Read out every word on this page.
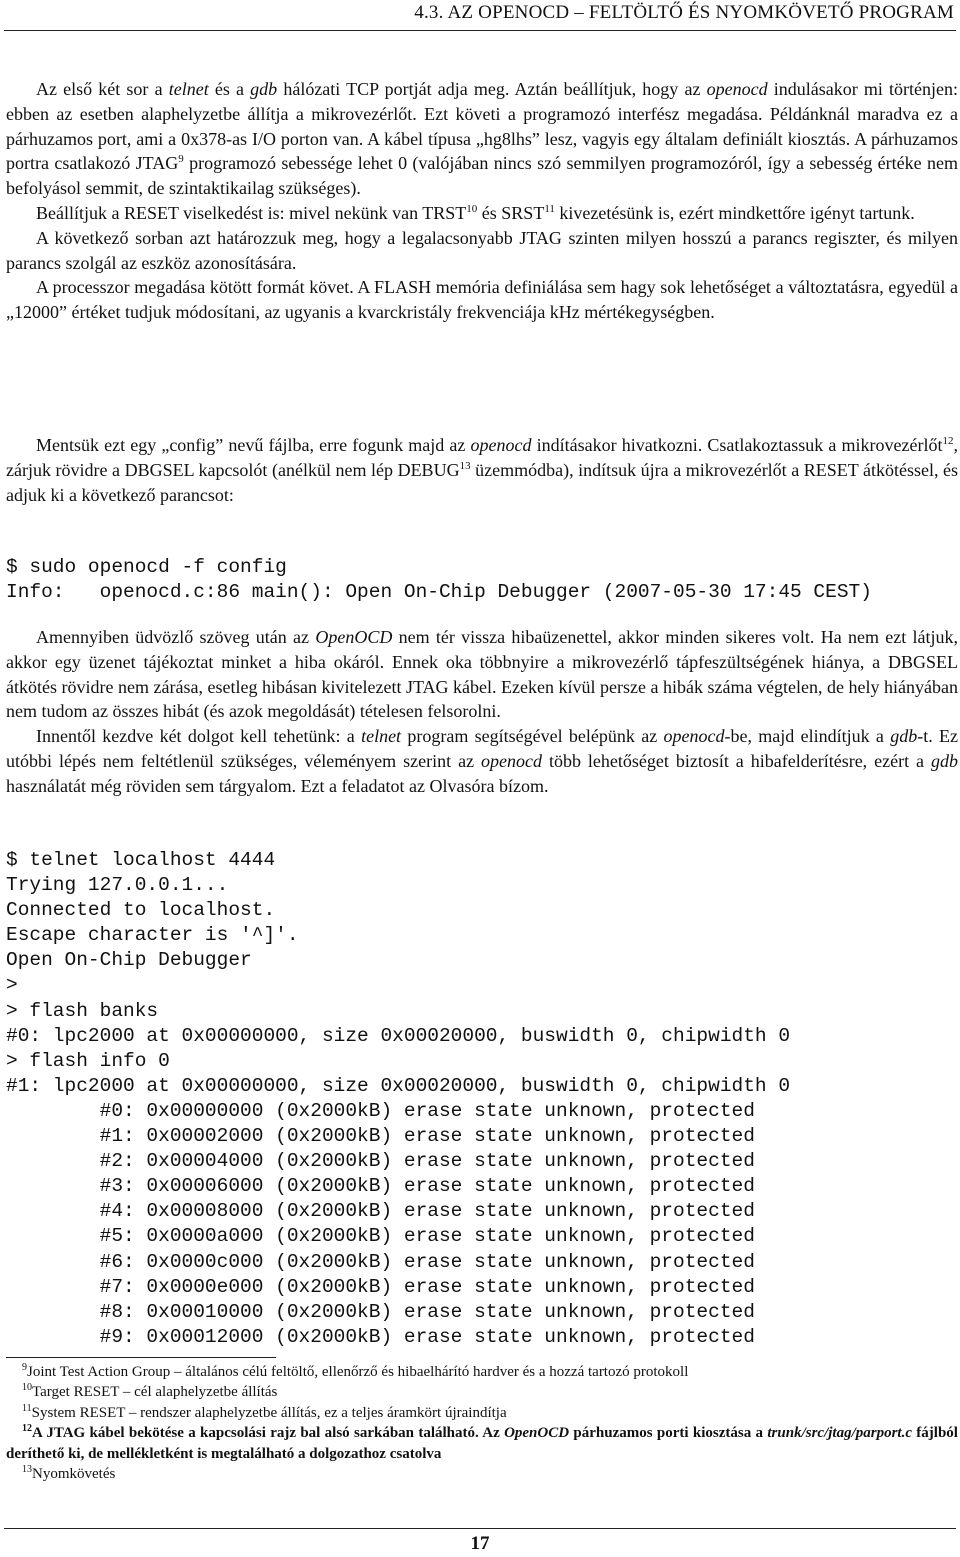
4.3. AZ OPENOCD – FELTÖLTŐ ÉS NYOMKÖVETŐ PROGRAM

Az első két sor a telnet és a gdb hálózati TCP portját adja meg. Aztán beállítjuk, hogy az openocd indulásakor mi történjen: ebben az esetben alaphelyzetbe állítja a mikrovezérlőt. Ezt követi a programozó interfész megadása. Példánknál maradva ez a párhuzamos port, ami a 0x378-as I/O porton van. A kábel típusa „hg8lhs” lesz, vagyis egy általam definiált kiosztás. A párhuzamos portra csatlakozó JTAG$^9$ programozó sebessége lehet 0 (valójában nincs szó semmilyen programozóról, így a sebesség értéke nem befolyásol semmit, de szintaktikailag szükséges).
Beállítjuk a RESET viselkedést is: mivel nekünk van TRST$^{10}$ és SRST$^{11}$ kivezetésünk is, ezért mindkettőre igényt tartunk.
A következő sorban azt határozzuk meg, hogy a legalacsonyabb JTAG szinten milyen hosszú a parancs regiszter, és milyen parancs szolgál az eszköz azonosítására.
A processzor megadása kötött formát követ. A FLASH memória definiálása sem hagy sok lehetőséget a változtatásra, egyedül a „12000” értéket tudjuk módosítani, az ugyanis a kvarckristály frekvenciája kHz mértékegységben.

Mentsük ezt egy „config” nevű fájlba, erre fogunk majd az openocd indításakor hivatkozni. Csatlakoztassuk a mikrovezérlőt$^{12}$, zárjuk rövidre a DBGSEL kapcsolót (anélkül nem lép DEBUG$^{13}$ üzemmódba), indítsuk újra a mikrovezérlőt a RESET átkötéssel, és adjuk ki a következő parancsot:

$ sudo openocd -f config
Info:   openocd.c:86 main(): Open On-Chip Debugger (2007-05-30 17:45 CEST)

Amennyiben üdvözlő szöveg után az OpenOCD nem tér vissza hibaüzenettel, akkor minden sikeres volt. Ha nem ezt látjuk, akkor egy üzenet tájékoztat minket a hiba okáról. Ennek oka többnyire a mikrovezérlő tápfeszültségének hiánya, a DBGSEL átkötés rövidre nem zárása, esetleg hibásan kivitelezett JTAG kábel. Ezeken kívül persze a hibák száma végtelen, de hely hiányában nem tudom az összes hibát (és azok megoldását) tételesen felsorolni.
Innentől kezdve két dolgot kell tehetünk: a telnet program segítségével belépünk az openocd-be, majd elindítjuk a gdb-t. Ez utóbbi lépés nem feltétlenül szükséges, véleményem szerint az openocd több lehetőséget biztosít a hibafelderítésre, ezért a gdb használatát még röviden sem tárgyalom. Ezt a feladatot az Olvasóra bízom.

$ telnet localhost 4444
Trying 127.0.0.1...
Connected to localhost.
Escape character is '^]'.
Open On-Chip Debugger
>
> flash banks
#0: lpc2000 at 0x00000000, size 0x00020000, buswidth 0, chipwidth 0
> flash info 0
#1: lpc2000 at 0x00000000, size 0x00020000, buswidth 0, chipwidth 0
#0: 0x00000000 (0x2000kB) erase state unknown, protected
#1: 0x00002000 (0x2000kB) erase state unknown, protected
#2: 0x00004000 (0x2000kB) erase state unknown, protected
#3: 0x00006000 (0x2000kB) erase state unknown, protected
#4: 0x00008000 (0x2000kB) erase state unknown, protected
#5: 0x0000a000 (0x2000kB) erase state unknown, protected
#6: 0x0000c000 (0x2000kB) erase state unknown, protected
#7: 0x0000e000 (0x2000kB) erase state unknown, protected
#8: 0x00010000 (0x2000kB) erase state unknown, protected
#9: 0x00012000 (0x2000kB) erase state unknown, protected

$^9$Joint Test Action Group – általános célú feltöltő, ellenőrző és hibaelhárító hardver és a hozzá tartozó protokoll

$^{10}$Target RESET – cél alaphelyzetbe állítás

$^{11}$System RESET – rendszer alaphelyzetbe állítás, ez a teljes áramkört újraindítja

$^{12}$A JTAG kábel bekötése a kapcsolási rajz bal alsó sarkában található. Az OpenOCD párhuzamos porti kiosztása a trunk/src/jtag/parport.c fájlból deríthető ki, de mellékletként is megtalálható a dolgozathoz csatolva

$^{13}$Nyomkövetés

17
